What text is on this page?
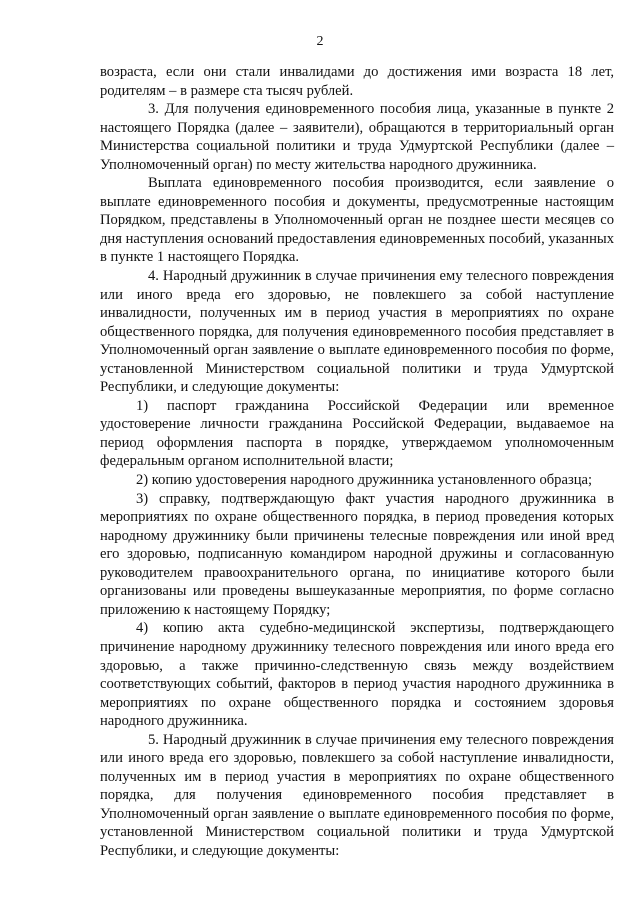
2

возраста, если они стали инвалидами до достижения ими возраста 18 лет, родителям – в размере ста тысяч рублей.

3. Для получения единовременного пособия лица, указанные в пункте 2 настоящего Порядка (далее – заявители), обращаются в территориальный орган Министерства социальной политики и труда Удмуртской Республики (далее – Уполномоченный орган) по месту жительства народного дружинника.

Выплата единовременного пособия производится, если заявление о выплате единовременного пособия и документы, предусмотренные настоящим Порядком, представлены в Уполномоченный орган не позднее шести месяцев со дня наступления оснований предоставления единовременных пособий, указанных в пункте 1 настоящего Порядка.

4. Народный дружинник в случае причинения ему телесного повреждения или иного вреда его здоровью, не повлекшего за собой наступление инвалидности, полученных им в период участия в мероприятиях по охране общественного порядка, для получения единовременного пособия представляет в Уполномоченный орган заявление о выплате единовременного пособия по форме, установленной Министерством социальной политики и труда Удмуртской Республики, и следующие документы:

1) паспорт гражданина Российской Федерации или временное удостоверение личности гражданина Российской Федерации, выдаваемое на период оформления паспорта в порядке, утверждаемом уполномоченным федеральным органом исполнительной власти;

2) копию удостоверения народного дружинника установленного образца;

3) справку, подтверждающую факт участия народного дружинника в мероприятиях по охране общественного порядка, в период проведения которых народному дружиннику были причинены телесные повреждения или иной вред его здоровью, подписанную командиром народной дружины и согласованную руководителем правоохранительного органа, по инициативе которого были организованы или проведены вышеуказанные мероприятия, по форме согласно приложению к настоящему Порядку;

4) копию акта судебно-медицинской экспертизы, подтверждающего причинение народному дружиннику телесного повреждения или иного вреда его здоровью, а также причинно-следственную связь между воздействием соответствующих событий, факторов в период участия народного дружинника в мероприятиях по охране общественного порядка и состоянием здоровья народного дружинника.

5. Народный дружинник в случае причинения ему телесного повреждения или иного вреда его здоровью, повлекшего за собой наступление инвалидности, полученных им в период участия в мероприятиях по охране общественного порядка, для получения единовременного пособия представляет в Уполномоченный орган заявление о выплате единовременного пособия по форме, установленной Министерством социальной политики и труда Удмуртской Республики, и следующие документы:
